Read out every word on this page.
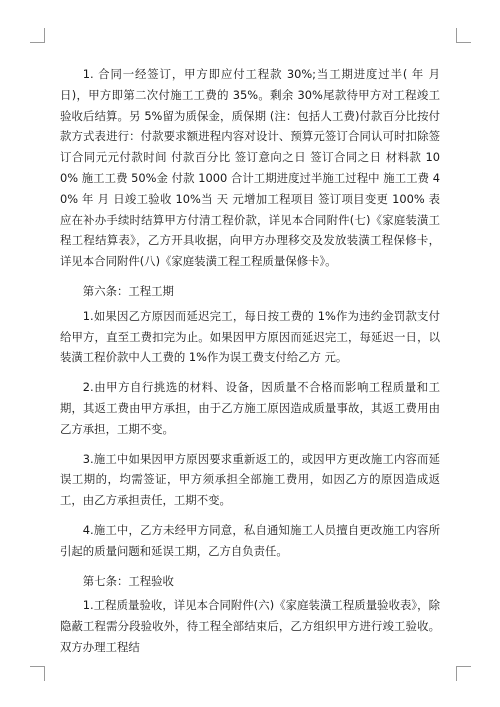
1. 合同一经签订，甲方即应付工程款 30%;当工期进度过半( 年 月 日)，甲方即第二次付施工工费的 35%。剩余 30%尾款待甲方对工程竣工验收后结算。另 5%留为质保金，质保期 (注：包括人工费)付款百分比按付款方式表进行：付款要求额进程内容对设计、预算元签订合同认可时扣除签订合同元元付款时间 付款百分比 签订意向之日 签订合同之日 材料款 100% 施工工费 50%金 付款 1000 合计工期进度过半施工过程中 施工工费 40% 年 月 日竣工验收 10%当 天 元增加工程项目 签订项目变更 100% 表应在补办手续时结算甲方付清工程价款，详见本合同附件(七)《家庭装潢工程工程结算表》，乙方开具收据，向甲方办理移交及发放装潢工程保修卡，详见本合同附件(八)《家庭装潢工程工程质量保修卡》。

第六条：工程工期

1.如果因乙方原因而延迟完工，每日按工费的 1%作为违约金罚款支付给甲方，直至工费扣完为止。如果因甲方原因而延迟完工，每延迟一日，以装潢工程价款中人工费的 1%作为误工费支付给乙方 元。

2.由甲方自行挑选的材料、设备，因质量不合格而影响工程质量和工期，其返工费由甲方承担，由于乙方施工原因造成质量事故，其返工费用由乙方承担，工期不变。

3.施工中如果因甲方原因要求重新返工的，或因甲方更改施工内容而延误工期的，均需签证，甲方须承担全部施工费用，如因乙方的原因造成返工，由乙方承担责任，工期不变。

4.施工中，乙方未经甲方同意，私自通知施工人员擅自更改施工内容所引起的质量问题和延误工期，乙方自负责任。

第七条：工程验收

1.工程质量验收，详见本合同附件(六)《家庭装潢工程质量验收表》，除隐蔽工程需分段验收外，待工程全部结束后，乙方组织甲方进行竣工验收。双方办理工程结
